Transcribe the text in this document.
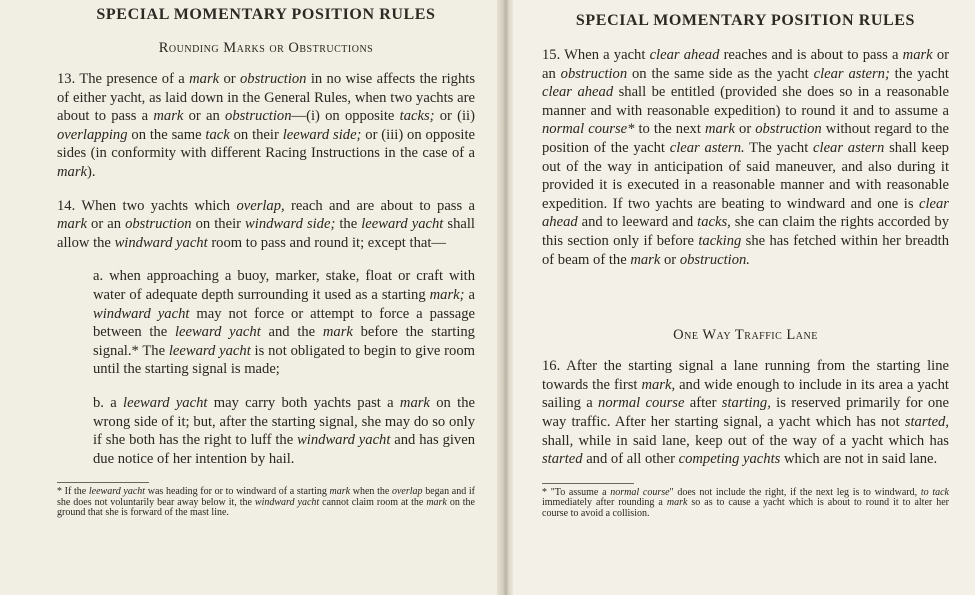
SPECIAL MOMENTARY POSITION RULES
Rounding Marks or Obstructions

13. The presence of a mark or obstruction in no wise affects the rights of either yacht, as laid down in the General Rules, when two yachts are about to pass a mark or an obstruction—(i) on opposite tacks; or (ii) overlapping on the same tack on their leeward side; or (iii) on opposite sides (in conformity with different Racing Instructions in the case of a mark).

14. When two yachts which overlap, reach and are about to pass a mark or an obstruction on their windward side; the leeward yacht shall allow the windward yacht room to pass and round it; except that—

a. when approaching a buoy, marker, stake, float or craft with water of adequate depth surrounding it used as a starting mark; a windward yacht may not force or attempt to force a passage between the leeward yacht and the mark before the starting signal.* The leeward yacht is not obligated to begin to give room until the starting signal is made;

b. a leeward yacht may carry both yachts past a mark on the wrong side of it; but, after the starting signal, she may do so only if she both has the right to luff the windward yacht and has given due notice of her intention by hail.

* If the leeward yacht was heading for or to windward of a starting mark when the overlap began and if she does not voluntarily bear away below it, the windward yacht cannot claim room at the mark on the ground that she is forward of the mast line.

SPECIAL MOMENTARY POSITION RULES

15. When a yacht clear ahead reaches and is about to pass a mark or an obstruction on the same side as the yacht clear astern; the yacht clear ahead shall be entitled (provided she does so in a reasonable manner and with reasonable expedition) to round it and to assume a normal course* to the next mark or obstruction without regard to the position of the yacht clear astern. The yacht clear astern shall keep out of the way in anticipation of said maneuver, and also during it provided it is executed in a reasonable manner and with reasonable expedition. If two yachts are beating to windward and one is clear ahead and to leeward and tacks, she can claim the rights accorded by this section only if before tacking she has fetched within her breadth of beam of the mark or obstruction.

One Way Traffic Lane

16. After the starting signal a lane running from the starting line towards the first mark, and wide enough to include in its area a yacht sailing a normal course after starting, is reserved primarily for one way traffic. After her starting signal, a yacht which has not started, shall, while in said lane, keep out of the way of a yacht which has started and of all other competing yachts which are not in said lane.

* "To assume a normal course" does not include the right, if the next leg is to windward, to tack immediately after rounding a mark so as to cause a yacht which is about to round it to alter her course to avoid a collision.
